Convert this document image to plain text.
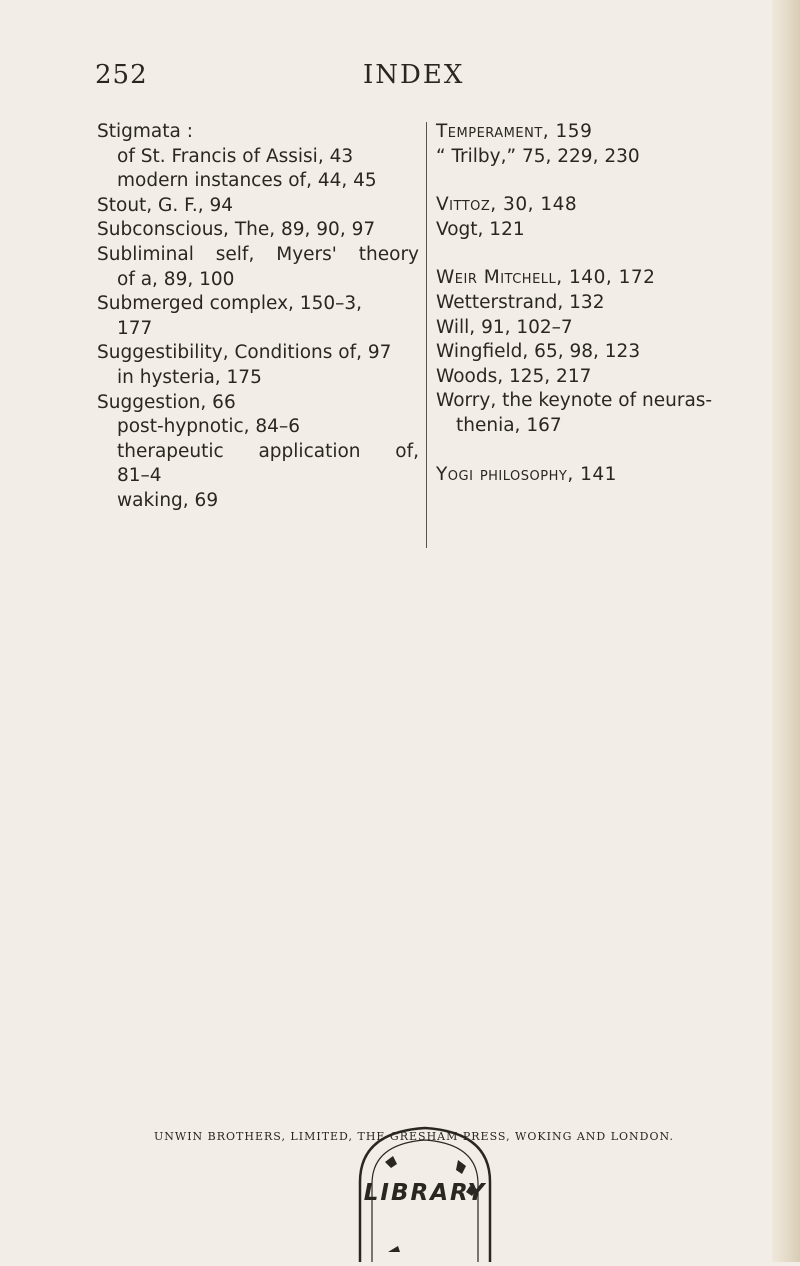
252	INDEX
Stigmata :
of St. Francis of Assisi, 43
modern instances of, 44, 45
Stout, G. F., 94
Subconscious, The, 89, 90, 97
Subliminal self, Myers' theory
of a, 89, 100
Submerged complex, 150–3,
177
Suggestibility, Conditions of, 97
in hysteria, 175
Suggestion, 66
post-hypnotic, 84–6
therapeutic application of,
81–4
waking, 69
Temperament, 159
“ Trilby,” 75, 229, 230
Vittoz, 30, 148
Vogt, 121
Weir Mitchell, 140, 172
Wetterstrand, 132
Will, 91, 102–7
Wingfield, 65, 98, 123
Woods, 125, 217
Worry, the keynote of neuras-
thenia, 167
Yogi philosophy, 141
UNWIN BROTHERS, LIMITED, THE GRESHAM PRESS, WOKING AND LONDON.
LIBRARY
